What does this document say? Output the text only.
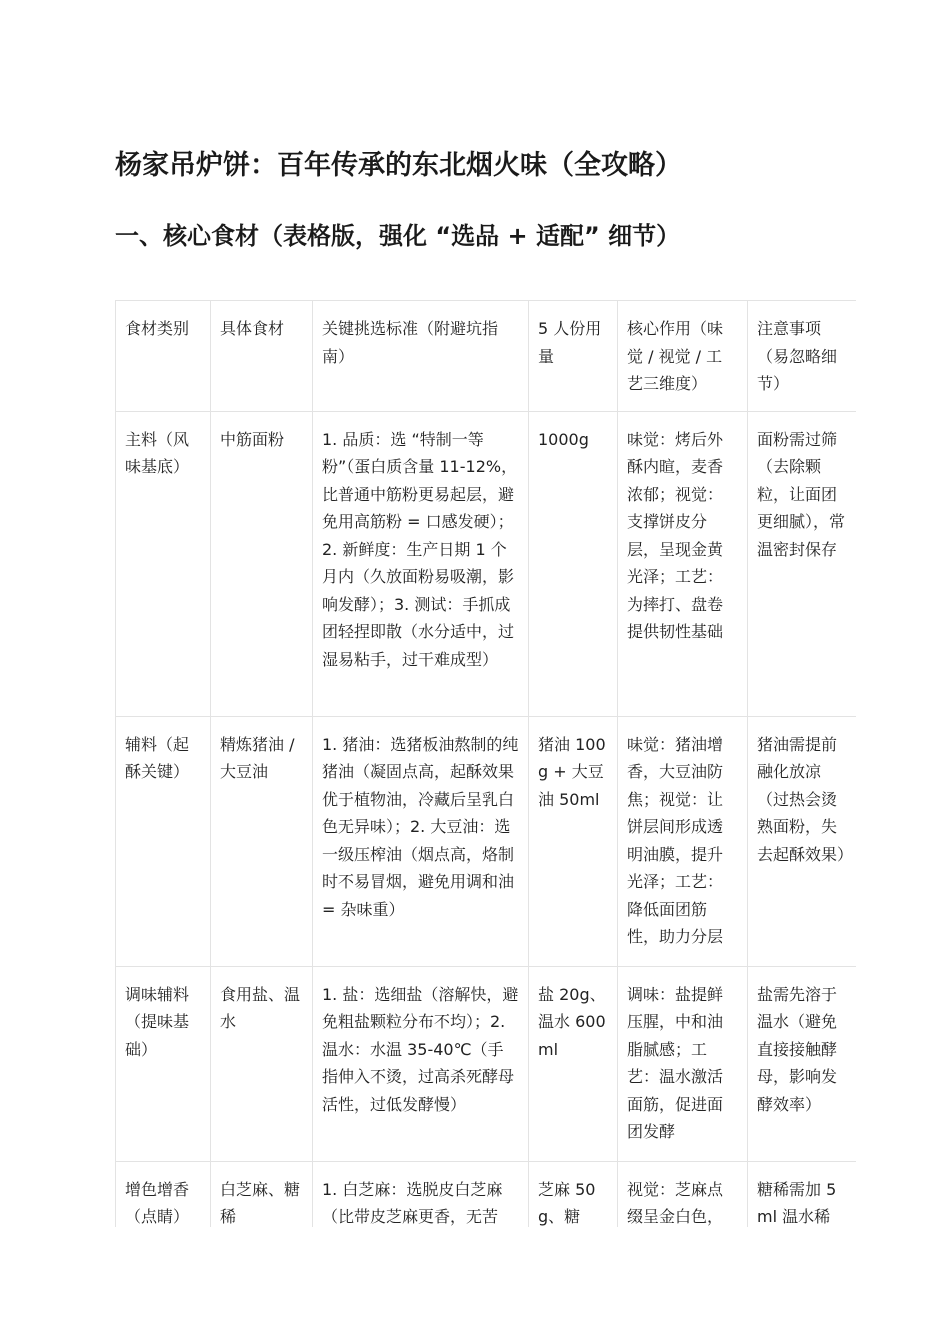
杨家吊炉饼：百年传承的东北烟火味（全攻略）
一、核心食材（表格版，强化 “选品 + 适配” 细节）
食材类别	具体食材	关键挑选标准（附避坑指南）	5 人份用量	核心作用（味觉 / 视觉 / 工艺三维度）	注意事项（易忽略细节）
主料（风味基底）	中筋面粉	1. 品质：选 “特制一等粉”（蛋白质含量 11-12%，比普通中筋粉更易起层，避免用高筋粉 = 口感发硬）；2. 新鲜度：生产日期 1 个月内（久放面粉易吸潮，影响发酵）；3. 测试：手抓成团轻捏即散（水分适中，过湿易粘手，过干难成型）	1000g	味觉：烤后外酥内暄，麦香浓郁；视觉：支撑饼皮分层，呈现金黄光泽；工艺：为摔打、盘卷提供韧性基础	面粉需过筛（去除颗粒，让面团更细腻），常温密封保存
辅料（起酥关键）	精炼猪油 / 大豆油	1. 猪油：选猪板油熬制的纯猪油（凝固点高，起酥效果优于植物油，冷藏后呈乳白色无异味）；2. 大豆油：选一级压榨油（烟点高，烙制时不易冒烟，避免用调和油 = 杂味重）	猪油 100g + 大豆油 50ml	味觉：猪油增香，大豆油防焦；视觉：让饼层间形成透明油膜，提升光泽；工艺：降低面团筋性，助力分层	猪油需提前融化放凉（过热会烫熟面粉，失去起酥效果）
调味辅料（提味基础）	食用盐、温水	1. 盐：选细盐（溶解快，避免粗盐颗粒分布不均）；2. 温水：水温 35-40℃（手指伸入不烫，过高杀死酵母活性，过低发酵慢）	盐 20g、温水 600ml	调味：盐提鲜压腥，中和油脂腻感；工艺：温水激活面筋，促进面团发酵	盐需先溶于温水（避免直接接触酵母，影响发酵效率）
增色增香（点睛）	白芝麻、糖稀	1. 白芝麻：选脱皮白芝麻（比带皮芝麻更香，无苦	芝麻 50g、糖	视觉：芝麻点缀呈金白色，	糖稀需加 5ml 温水稀
